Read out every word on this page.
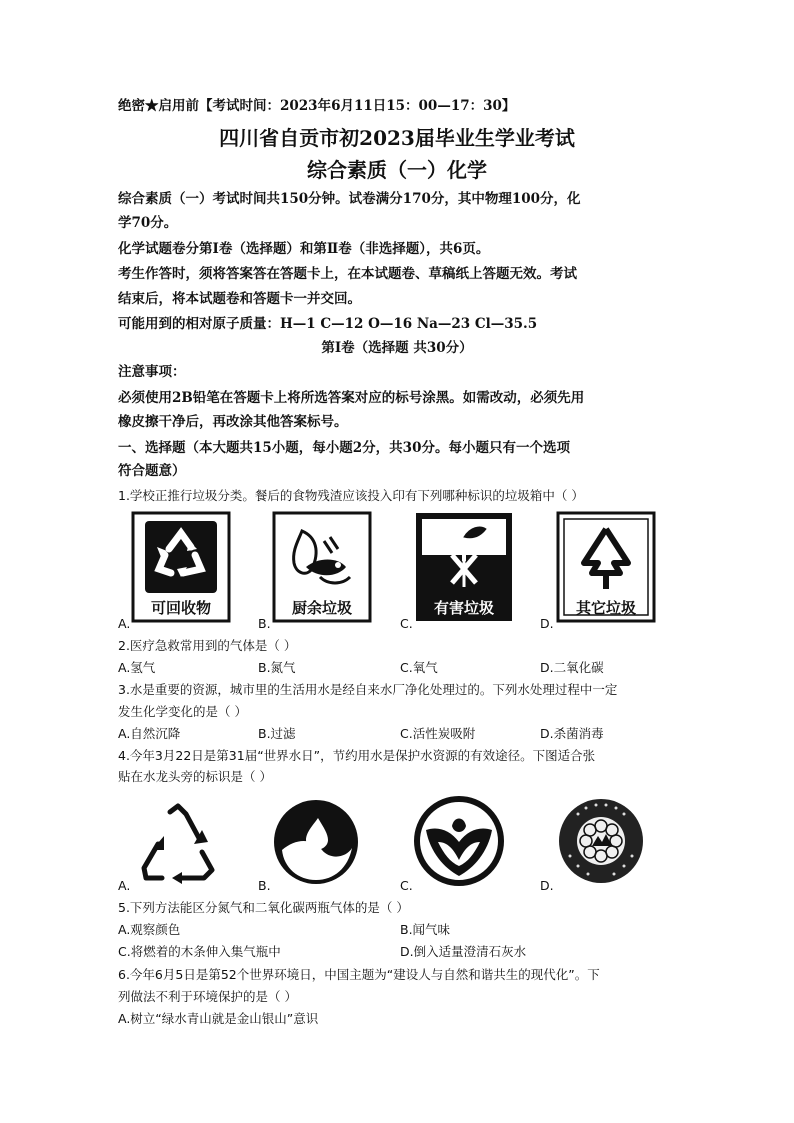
绝密★启用前【考试时间：2023年6月11日15：00—17：30】
四川省自贡市初2023届毕业生学业考试
综合素质（一）化学
综合素质（一）考试时间共150分钟。试卷满分170分，其中物理100分，化
学70分。
化学试题卷分第Ⅰ卷（选择题）和第Ⅱ卷（非选择题），共6页。
考生作答时，须将答案答在答题卡上，在本试题卷、草稿纸上答题无效。考试
结束后，将本试题卷和答题卡一并交回。
可能用到的相对原子质量：H—1 C—12 O—16 Na—23 Cl—35.5
第Ⅰ卷（选择题 共30分）
注意事项：
必须使用2B铅笔在答题卡上将所选答案对应的标号涂黑。如需改动，必须先用
橡皮擦干净后，再改涂其他答案标号。
一、选择题（本大题共15小题，每小题2分，共30分。每小题只有一个选项
符合题意）
1.学校正推行垃圾分类。餐后的食物残渣应该投入印有下列哪种标识的垃圾箱中（ ）
可回收物
A.
厨余垃圾
B.
有害垃圾
C.
其它垃圾
D.
2.医疗急救常用到的气体是（ ）
A.氢气	B.氮气	C.氧气	D.二氧化碳
3.水是重要的资源，城市里的生活用水是经自来水厂净化处理过的。下列水处理过程中一定
发生化学变化的是（ ）
A.自然沉降	B.过滤	C.活性炭吸附	D.杀菌消毒
4.今年3月22日是第31届“世界水日”，节约用水是保护水资源的有效途径。下图适合张
贴在水龙头旁的标识是（ ）
A.	B.	C.	D.
5.下列方法能区分氮气和二氧化碳两瓶气体的是（ ）
A.观察颜色	B.闻气味
C.将燃着的木条伸入集气瓶中	D.倒入适量澄清石灰水
6.今年6月5日是第52个世界环境日，中国主题为“建设人与自然和谐共生的现代化”。下
列做法不利于环境保护的是（ ）
A.树立“绿水青山就是金山银山”意识
